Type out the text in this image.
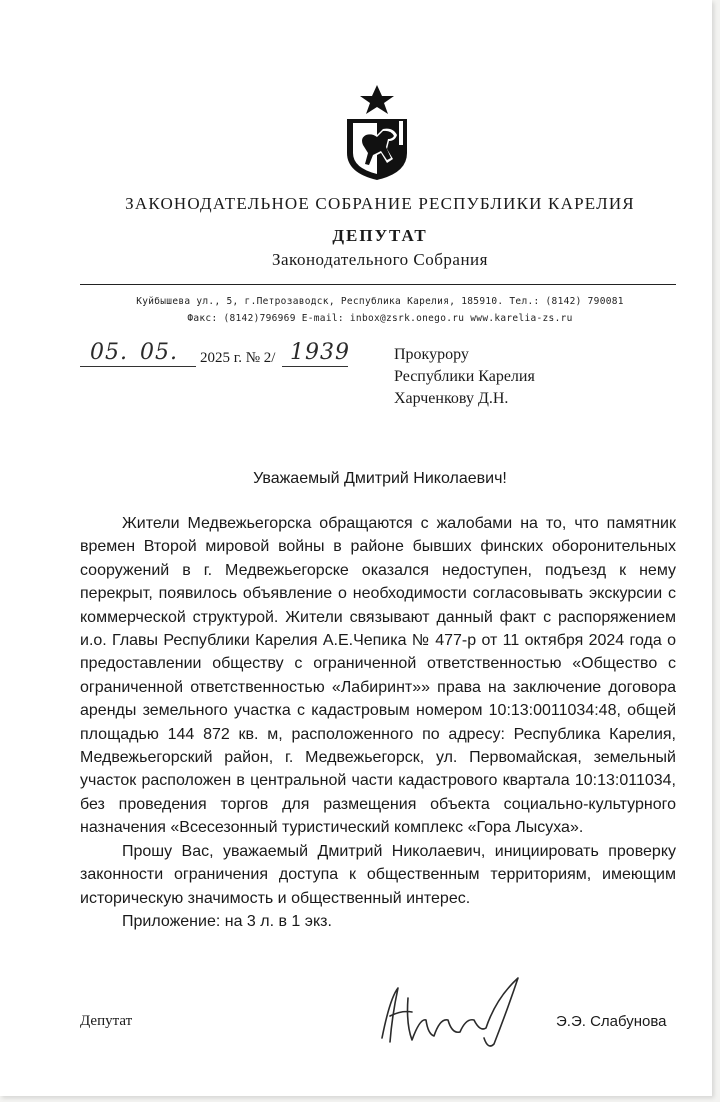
ЗАКОНОДАТЕЛЬНОЕ СОБРАНИЕ РЕСПУБЛИКИ КАРЕЛИЯ
ДЕПУТАТ
Законодательного Собрания
Куйбышева ул., 5, г.Петрозаводск, Республика Карелия, 185910. Тел.: (8142) 790081
Факс: (8142)796969 E-mail: inbox@zsrk.onego.ru www.karelia-zs.ru
05. 05. 2025 г. № 2/ 1939	Прокурору
Республики Карелия
Харченкову Д.Н.
Уважаемый Дмитрий Николаевич!

Жители Медвежьегорска обращаются с жалобами на то, что памятник времен Второй мировой войны в районе бывших финских оборонительных сооружений в г. Медвежьегорске оказался недоступен, подъезд к нему перекрыт, появилось объявление о необходимости согласовывать экскурсии с коммерческой структурой. Жители связывают данный факт с распоряжением и.о. Главы Республики Карелия А.Е.Чепика № 477-р от 11 октября 2024 года о предоставлении обществу с ограниченной ответственностью «Общество с ограниченной ответственностью «Лабиринт»» права на заключение договора аренды земельного участка с кадастровым номером 10:13:0011034:48, общей площадью 144 872 кв. м, расположенного по адресу: Республика Карелия, Медвежьегорский район, г. Медвежьегорск, ул. Первомайская, земельный участок расположен в центральной части кадастрового квартала 10:13:011034, без проведения торгов для размещения объекта социально-культурного назначения «Всесезонный туристический комплекс «Гора Лысуха».

Прошу Вас, уважаемый Дмитрий Николаевич, инициировать проверку законности ограничения доступа к общественным территориям, имеющим историческую значимость и общественный интерес.

Приложение: на 3 л. в 1 экз.

Депутат	Э.Э. Слабунова
